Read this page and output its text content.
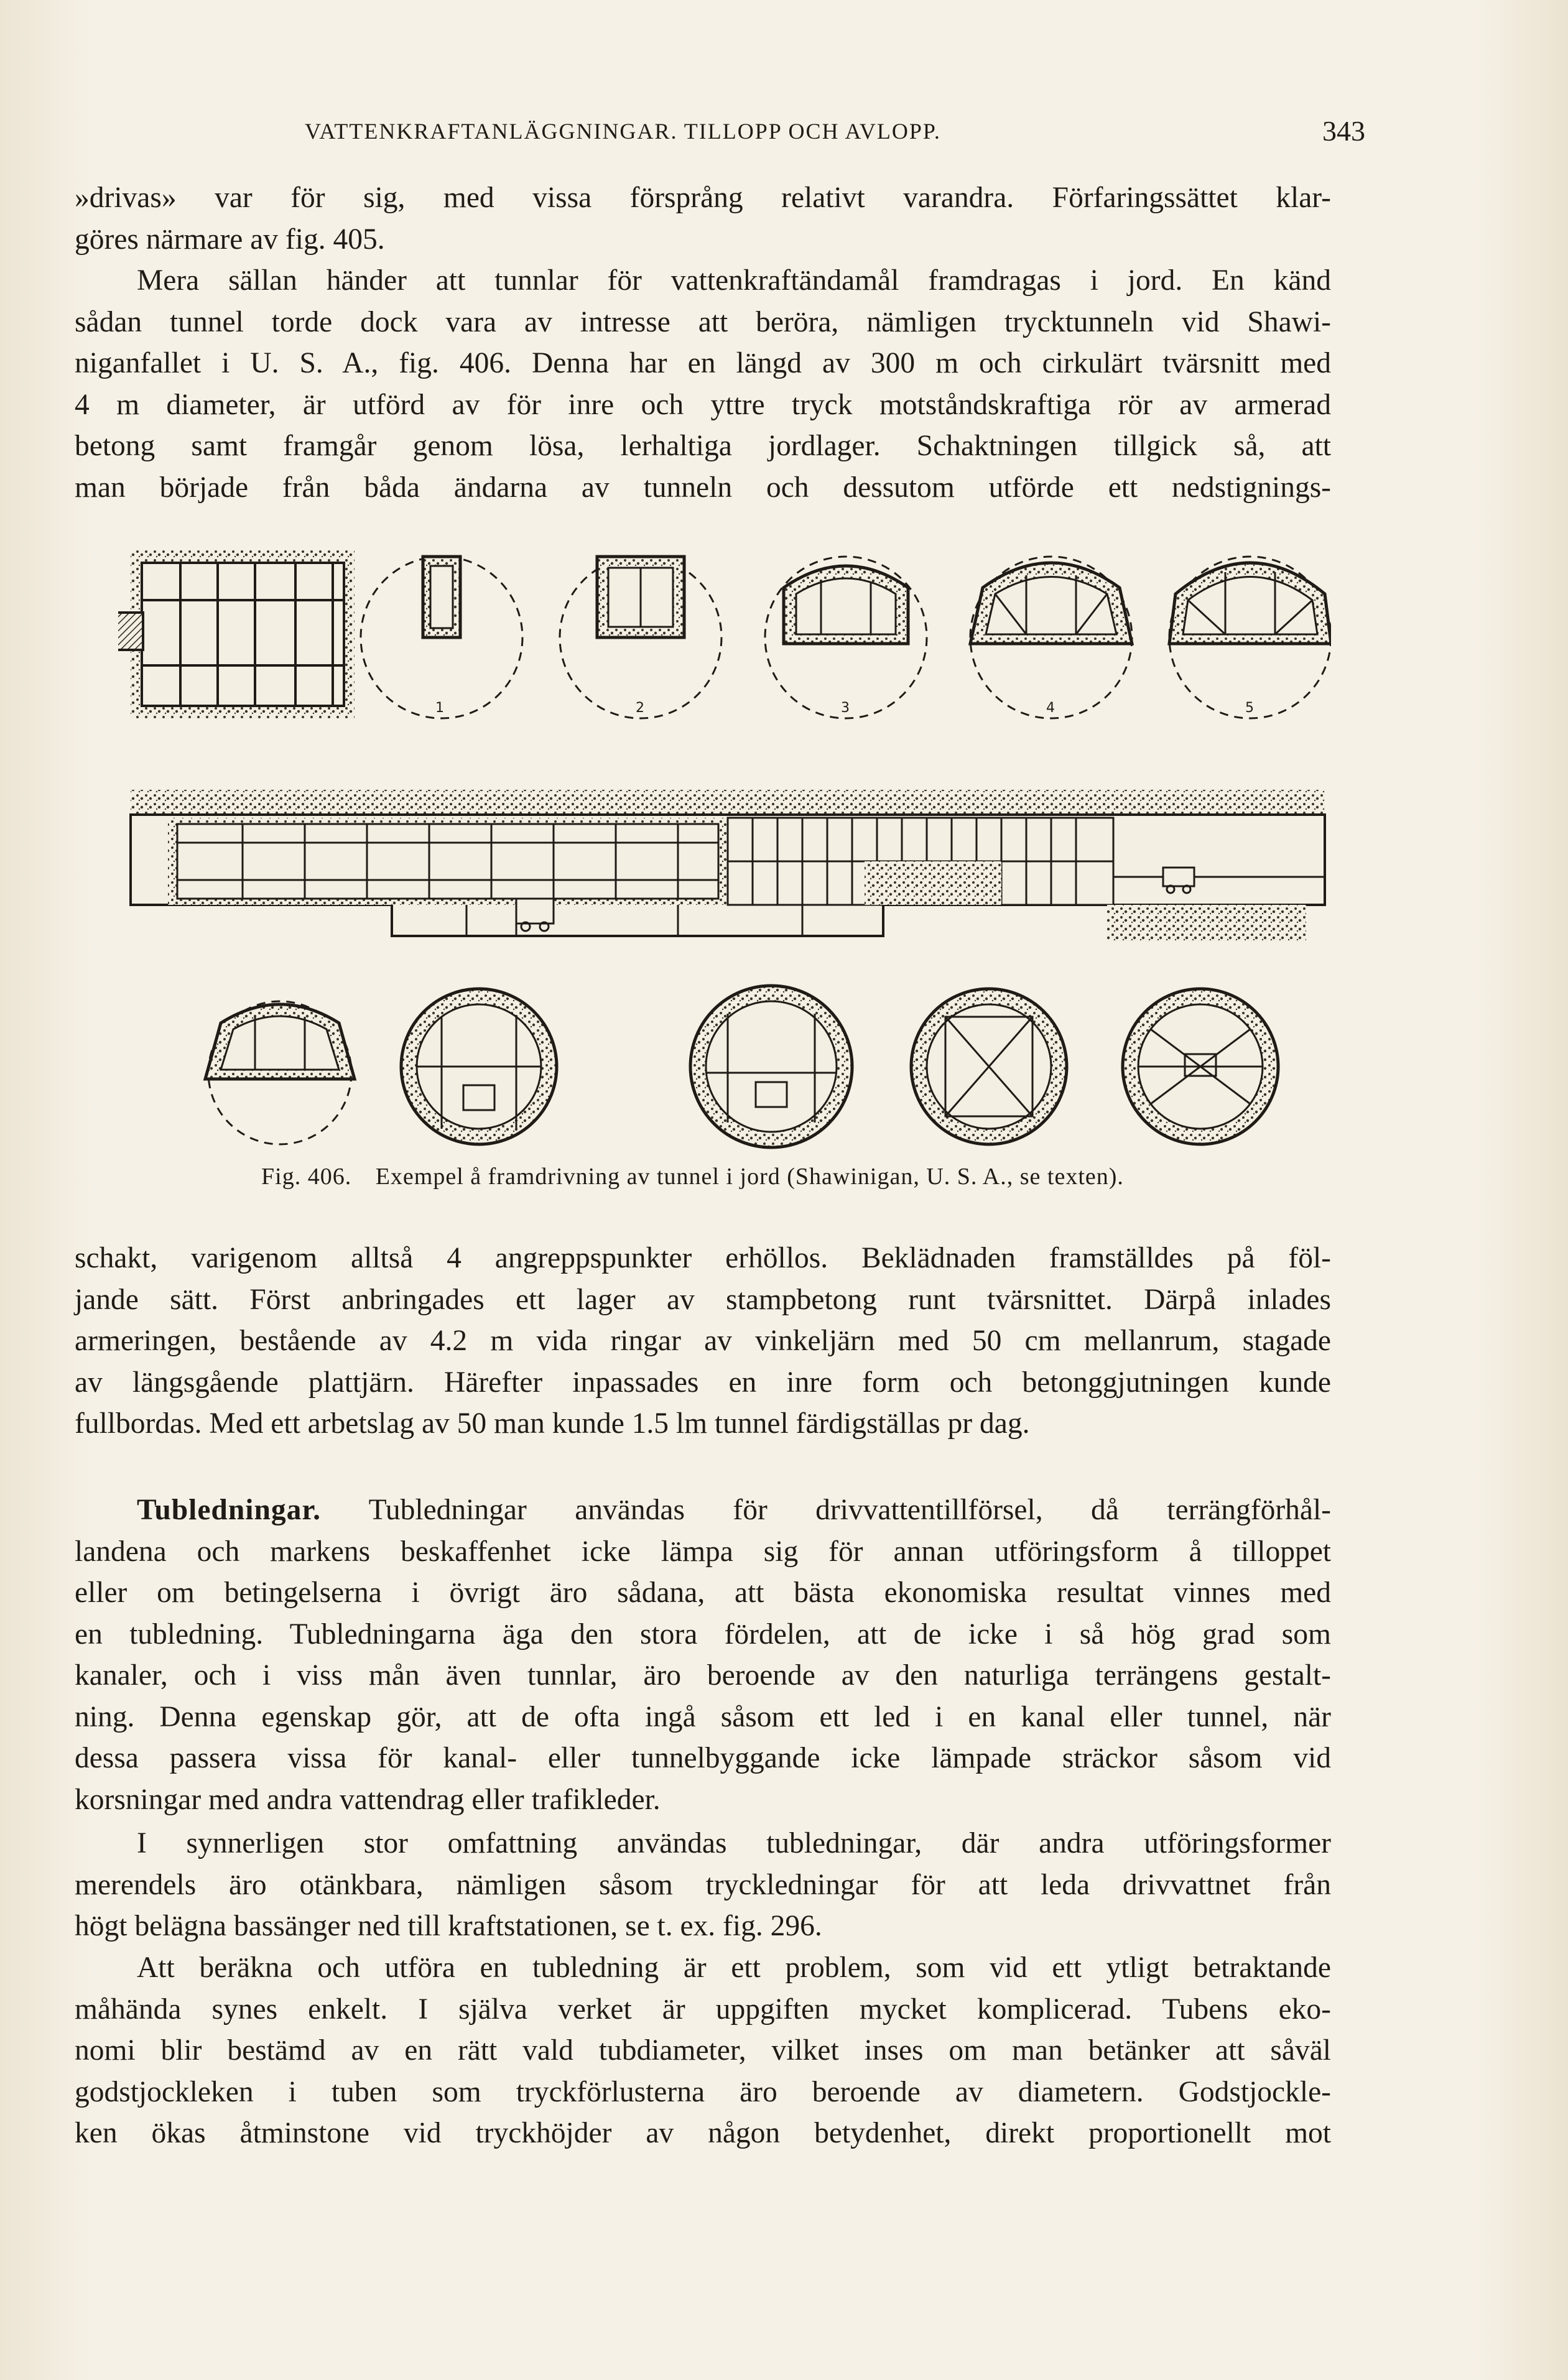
VATTENKRAFTANLÄGGNINGAR. TILLOPP OCH AVLOPP.	343
»drivas» var för sig, med vissa försprång relativt varandra. Förfaringssättet klar-
göres närmare av fig. 405.
Mera sällan händer att tunnlar för vattenkraftändamål framdragas i jord. En känd
sådan tunnel torde dock vara av intresse att beröra, nämligen trycktunneln vid Shawi-
niganfallet i U. S. A., fig. 406. Denna har en längd av 300 m och cirkulärt tvärsnitt med
4 m diameter, är utförd av för inre och yttre tryck motståndskraftiga rör av armerad
betong samt framgår genom lösa, lerhaltiga jordlager. Schaktningen tillgick så, att
man började från båda ändarna av tunneln och dessutom utförde ett nedstignings-
1	2	3	4	5
Fig. 406. Exempel å framdrivning av tunnel i jord (Shawinigan, U. S. A., se texten).
schakt, varigenom alltså 4 angreppspunkter erhöllos. Beklädnaden framställdes på föl-
jande sätt. Först anbringades ett lager av stampbetong runt tvärsnittet. Därpå inlades
armeringen, bestående av 4.2 m vida ringar av vinkeljärn med 50 cm mellanrum, stagade
av längsgående plattjärn. Härefter inpassades en inre form och betonggjutningen kunde
fullbordas. Med ett arbetslag av 50 man kunde 1.5 lm tunnel färdigställas pr dag.
Tubledningar. Tubledningar användas för drivvattentillförsel, då terrängförhål-
landena och markens beskaffenhet icke lämpa sig för annan utföringsform å tilloppet
eller om betingelserna i övrigt äro sådana, att bästa ekonomiska resultat vinnes med
en tubledning. Tubledningarna äga den stora fördelen, att de icke i så hög grad som
kanaler, och i viss mån även tunnlar, äro beroende av den naturliga terrängens gestalt-
ning. Denna egenskap gör, att de ofta ingå såsom ett led i en kanal eller tunnel, när
dessa passera vissa för kanal- eller tunnelbyggande icke lämpade sträckor såsom vid
korsningar med andra vattendrag eller trafikleder.
I synnerligen stor omfattning användas tubledningar, där andra utföringsformer
merendels äro otänkbara, nämligen såsom tryckledningar för att leda drivvattnet från
högt belägna bassänger ned till kraftstationen, se t. ex. fig. 296.
Att beräkna och utföra en tubledning är ett problem, som vid ett ytligt betraktande
måhända synes enkelt. I själva verket är uppgiften mycket komplicerad. Tubens eko-
nomi blir bestämd av en rätt vald tubdiameter, vilket inses om man betänker att såväl
godstjockleken i tuben som tryckförlusterna äro beroende av diametern. Godstjockle-
ken ökas åtminstone vid tryckhöjder av någon betydenhet, direkt proportionellt mot
